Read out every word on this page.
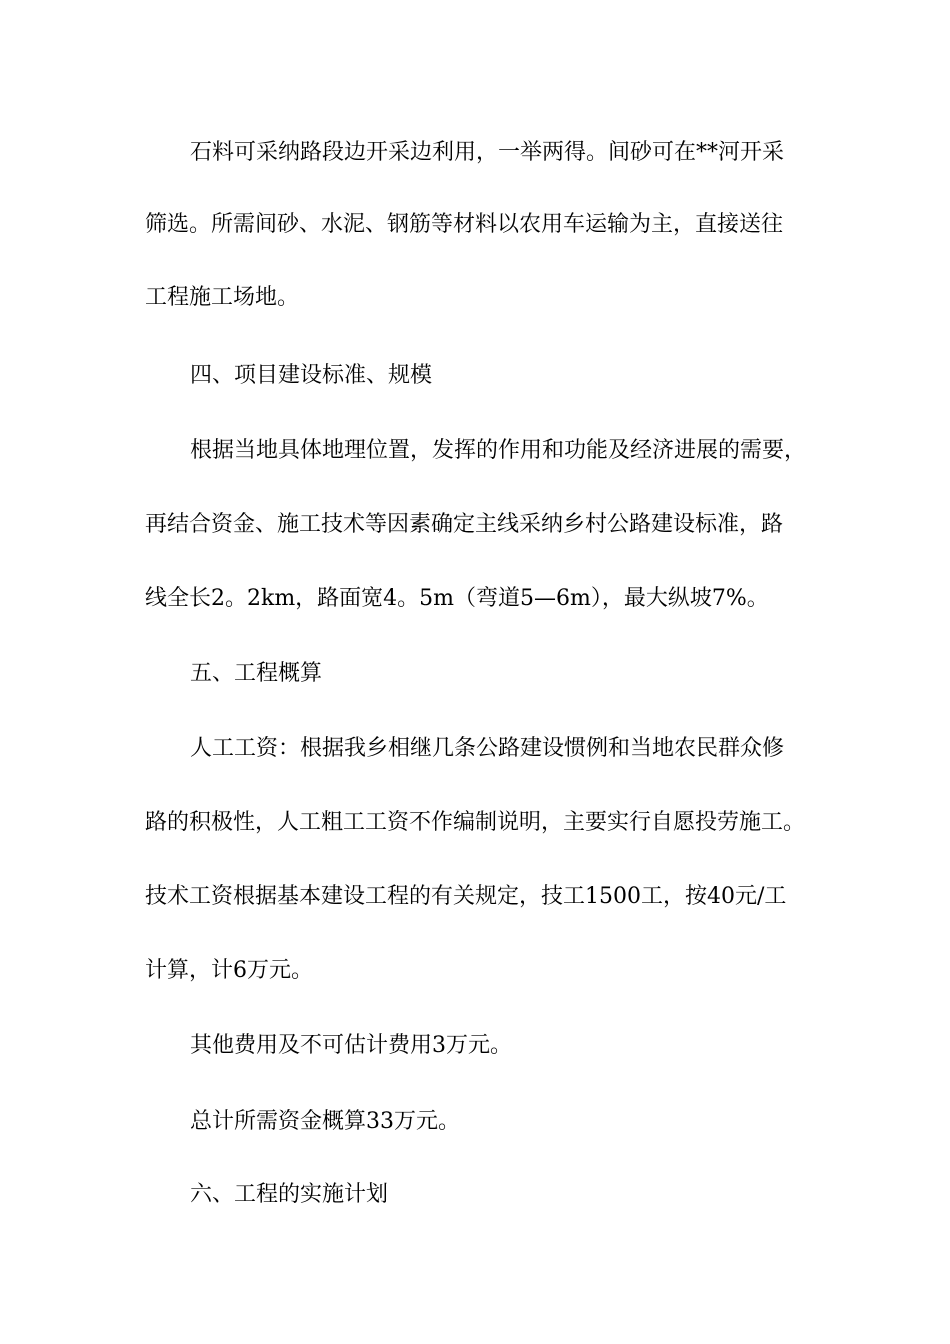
石料可采纳路段边开采边利用，一举两得。间砂可在**河开采
筛选。所需间砂、水泥、钢筋等材料以农用车运输为主，直接送往
工程施工场地。
四、项目建设标准、规模
根据当地具体地理位置，发挥的作用和功能及经济进展的需要，
再结合资金、施工技术等因素确定主线采纳乡村公路建设标准，路
线全长2。2km，路面宽4。5m（弯道5—6m），最大纵坡7%。
五、工程概算
人工工资：根据我乡相继几条公路建设惯例和当地农民群众修
路的积极性，人工粗工工资不作编制说明，主要实行自愿投劳施工。
技术工资根据基本建设工程的有关规定，技工1500工，按40元/工
计算，计6万元。
其他费用及不可估计费用3万元。
总计所需资金概算33万元。
六、工程的实施计划
